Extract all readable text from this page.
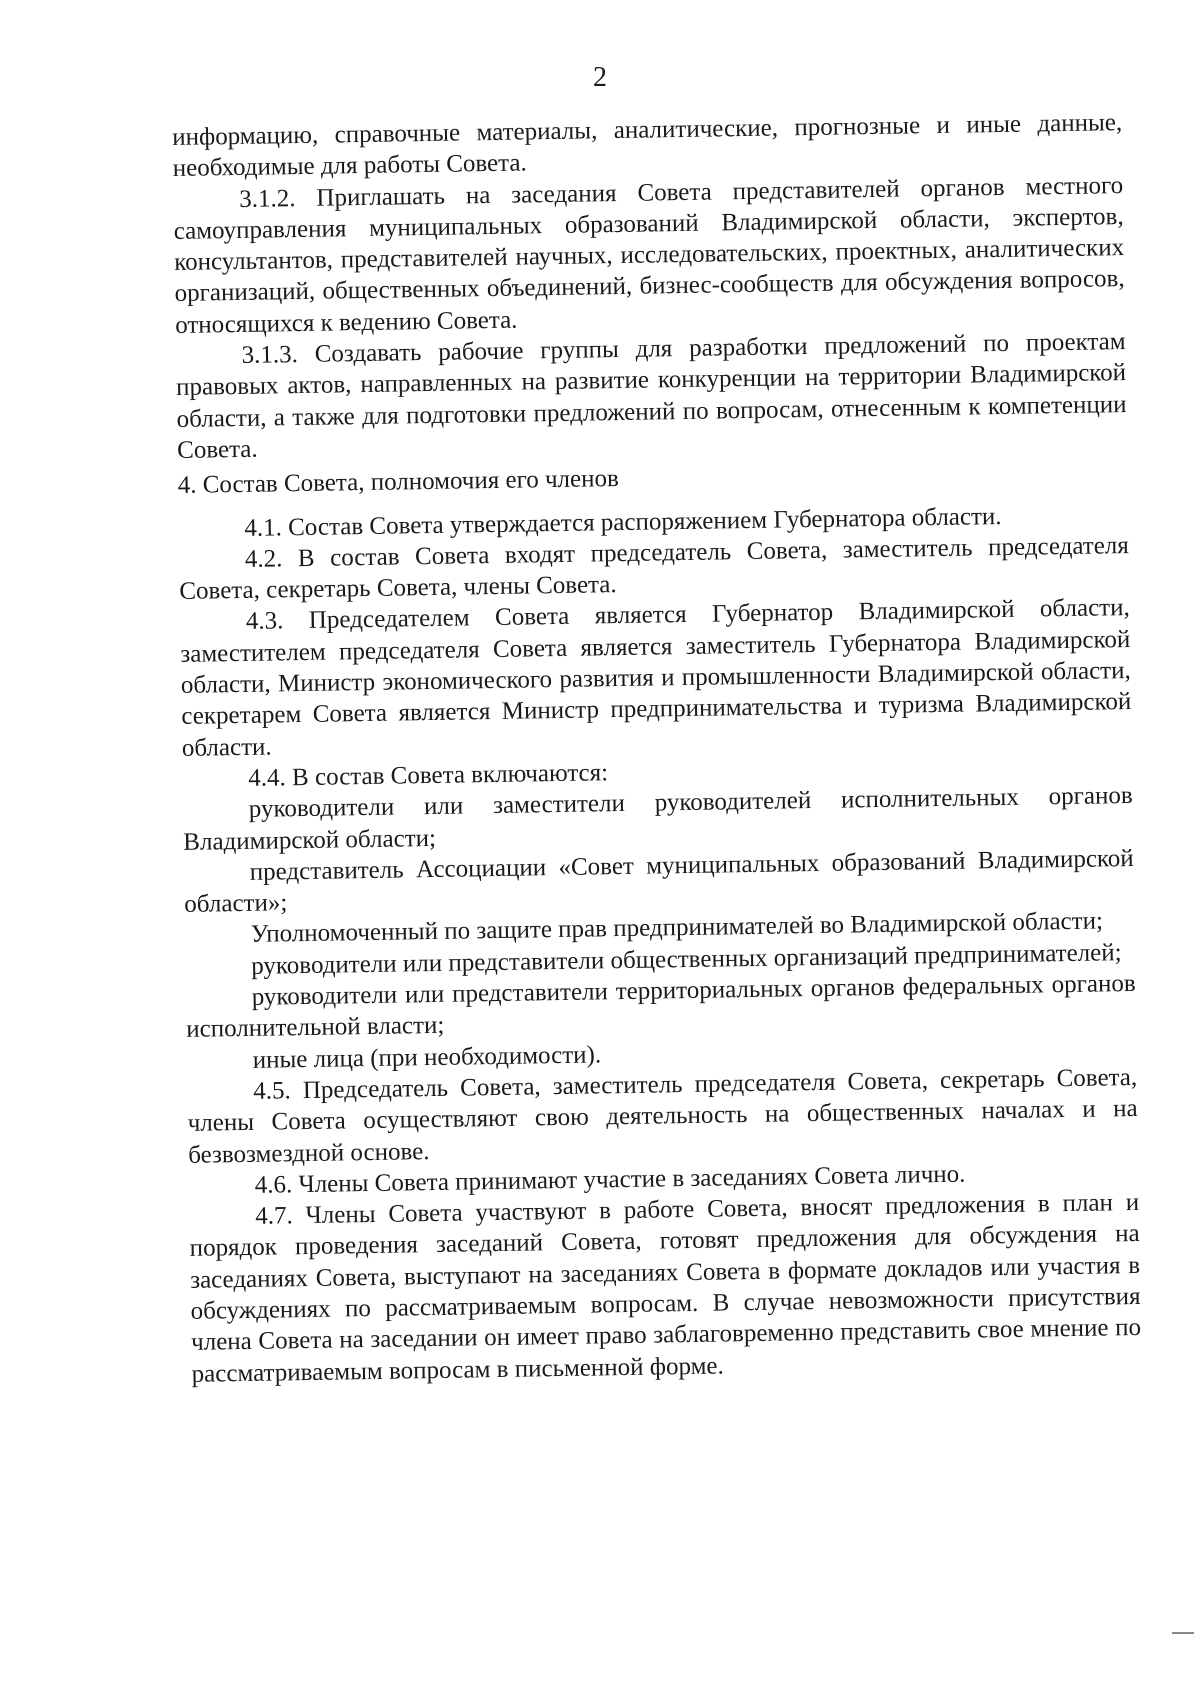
2

информацию, справочные материалы, аналитические, прогнозные и иные данные, необходимые для работы Совета.

3.1.2. Приглашать на заседания Совета представителей органов местного самоуправления муниципальных образований Владимирской области, экспертов, консультантов, представителей научных, исследовательских, проектных, аналитических организаций, общественных объединений, бизнес-сообществ для обсуждения вопросов, относящихся к ведению Совета.

3.1.3. Создавать рабочие группы для разработки предложений по проектам правовых актов, направленных на развитие конкуренции на территории Владимирской области, а также для подготовки предложений по вопросам, отнесенным к компетенции Совета.

4. Состав Совета, полномочия его членов

4.1. Состав Совета утверждается распоряжением Губернатора области.

4.2. В состав Совета входят председатель Совета, заместитель председателя Совета, секретарь Совета, члены Совета.

4.3. Председателем Совета является Губернатор Владимирской области, заместителем председателя Совета является заместитель Губернатора Владимирской области, Министр экономического развития и промышленности Владимирской области, секретарем Совета является Министр предпринимательства и туризма Владимирской области.

4.4. В состав Совета включаются:

руководители или заместители руководителей исполнительных органов Владимирской области;

представитель Ассоциации «Совет муниципальных образований Владимирской области»;

Уполномоченный по защите прав предпринимателей во Владимирской области;

руководители или представители общественных организаций предпринимателей;

руководители или представители территориальных органов федеральных органов исполнительной власти;

иные лица (при необходимости).

4.5. Председатель Совета, заместитель председателя Совета, секретарь Совета, члены Совета осуществляют свою деятельность на общественных началах и на безвозмездной основе.

4.6. Члены Совета принимают участие в заседаниях Совета лично.

4.7. Члены Совета участвуют в работе Совета, вносят предложения в план и порядок проведения заседаний Совета, готовят предложения для обсуждения на заседаниях Совета, выступают на заседаниях Совета в формате докладов или участия в обсуждениях по рассматриваемым вопросам. В случае невозможности присутствия члена Совета на заседании он имеет право заблаговременно представить свое мнение по рассматриваемым вопросам в письменной форме.
